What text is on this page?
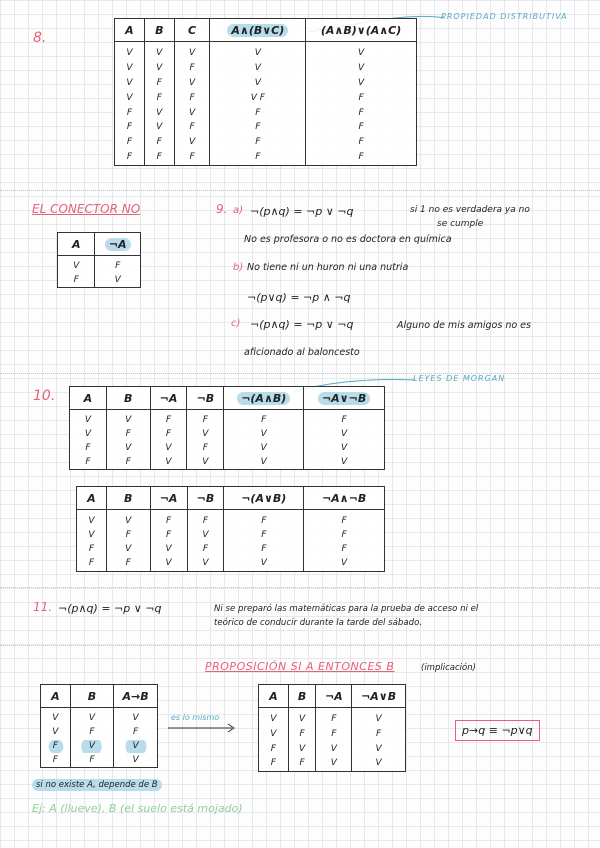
8.
PROPIEDAD DISTRIBUTIVA
A	B	C	A∧(B∨C)	(A∧B)∨(A∧C)
V	V	V	V	V
V	V	F	V	V
V	F	V	V	V
V	F	F	V F	F
F	V	V	F	F
F	V	F	F	F
F	F	V	F	F
F	F	F	F	F
EL CONECTOR NO
A	¬A
V	F
F	V
9. a) ¬(p∧q) = ¬p ∨ ¬q	si 1 no es verdadera ya no
se cumple
No es profesora o no es doctora en química
b) No tiene ni un huron ni una nutria
¬(p∨q) = ¬p ∧ ¬q
c) ¬(p∧q) = ¬p ∨ ¬q	Alguno de mis amigos no es
aficionado al baloncesto
10.
LEYES DE MORGAN
A	B	¬A	¬B	¬(A∧B)	¬A∨¬B
V	V	F	F	F	F
V	F	F	V	V	V
F	V	V	F	V	V
F	F	V	V	V	V
A	B	¬A	¬B	¬(A∨B)	¬A∧¬B
V	V	F	F	F	F
V	F	F	V	F	F
F	V	V	F	F	F
F	F	V	V	V	V
11. ¬(p∧q) = ¬p ∨ ¬q	Ni se preparó las matemáticas para la prueba de acceso ni el
teórico de conducir durante la tarde del sábado.
PROPOSICIÓN SI A ENTONCES B	(implicación)
A	B	A→B
V	V	V
V	F	F
F	V	V
F	F	V
es lo mismo
A	B	¬A	¬A∨B
V	V	F	V
V	F	F	F
F	V	V	V
F	F	V	V
p→q ≡ ¬p∨q
si no existe A, depende de B
Ej: A (llueve), B (el suelo está mojado)
